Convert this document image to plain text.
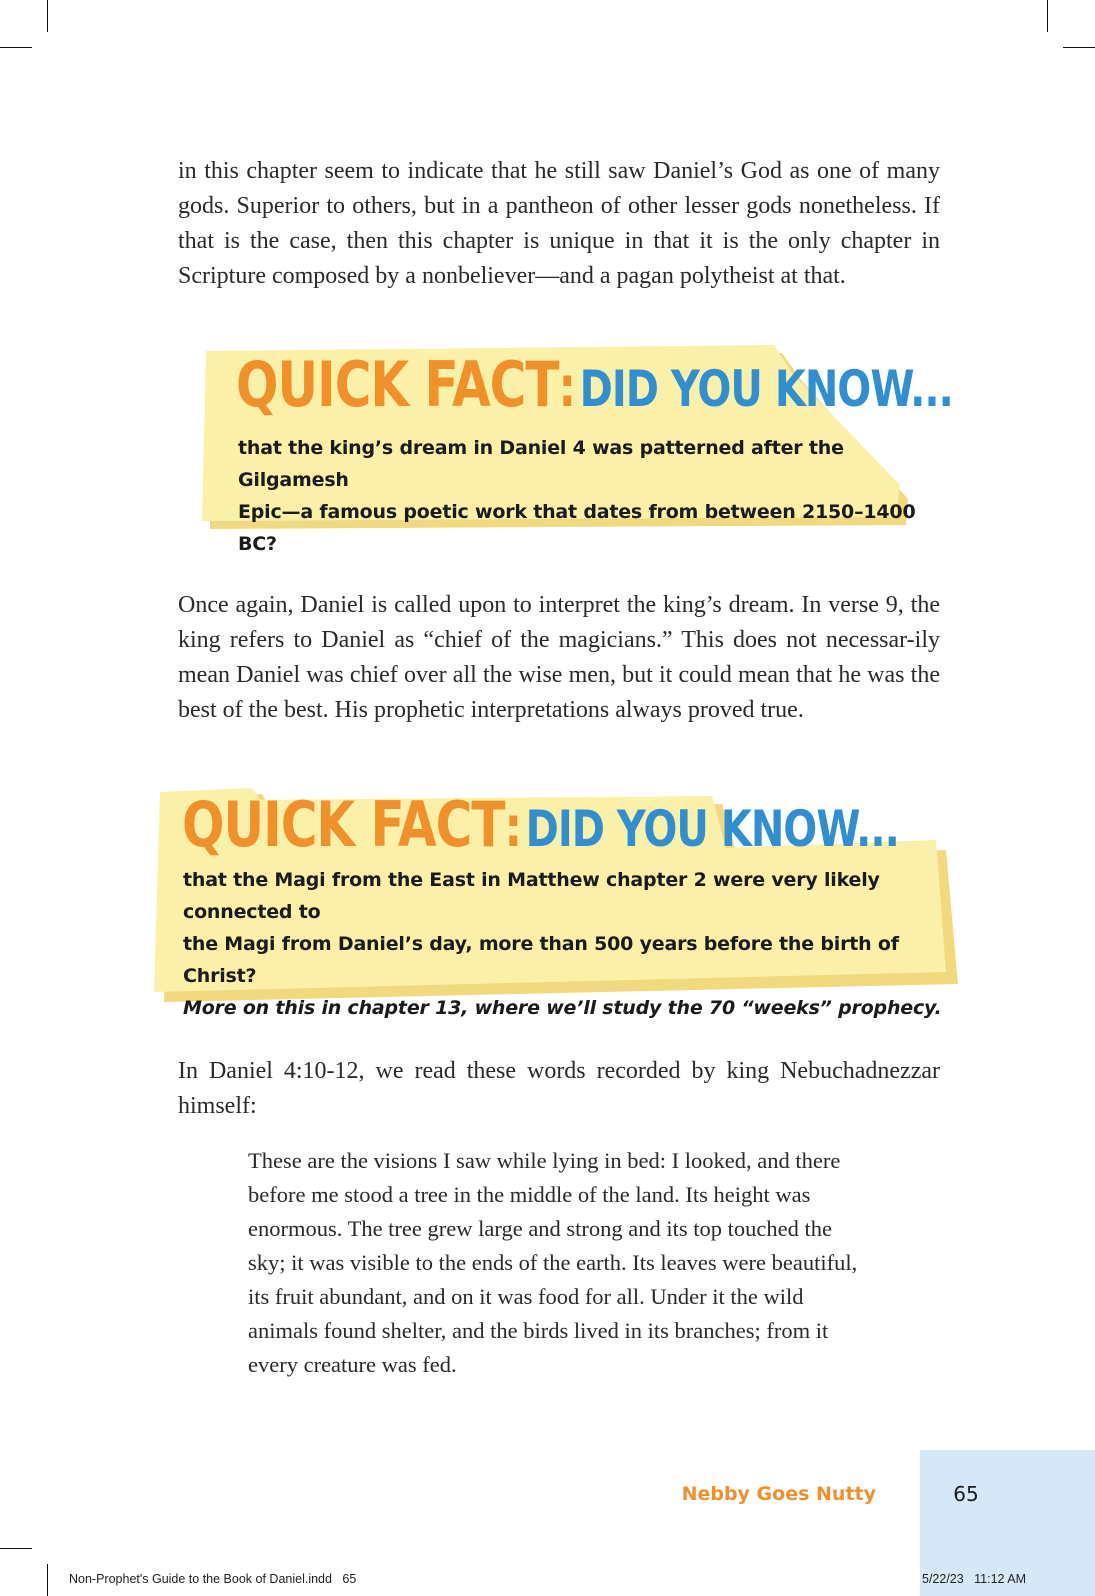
in this chapter seem to indicate that he still saw Daniel’s God as one of many gods. Superior to others, but in a pantheon of other lesser gods nonetheless. If that is the case, then this chapter is unique in that it is the only chapter in Scripture composed by a nonbeliever—and a pagan polytheist at that.

QUICK FACT: DID YOU KNOW...
that the king’s dream in Daniel 4 was patterned after the Gilgamesh
Epic—a famous poetic work that dates from between 2150–1400 BC?

Once again, Daniel is called upon to interpret the king’s dream. In verse 9, the king refers to Daniel as “chief of the magicians.” This does not necessar-ily mean Daniel was chief over all the wise men, but it could mean that he was the best of the best. His prophetic interpretations always proved true.

QUICK FACT: DID YOU KNOW...
that the Magi from the East in Matthew chapter 2 were very likely connected to
the Magi from Daniel’s day, more than 500 years before the birth of Christ?
More on this in chapter 13, where we’ll study the 70 “weeks” prophecy.

In Daniel 4:10-12, we read these words recorded by king Nebuchadnezzar himself:

These are the visions I saw while lying in bed: I looked, and there before me stood a tree in the middle of the land. Its height was enormous. The tree grew large and strong and its top touched the sky; it was visible to the ends of the earth. Its leaves were beautiful, its fruit abundant, and on it was food for all. Under it the wild animals found shelter, and the birds lived in its branches; from it every creature was fed.

Nebby Goes Nutty	65
Non-Prophet's Guide to the Book of Daniel.indd   65	5/22/23   11:12 AM
